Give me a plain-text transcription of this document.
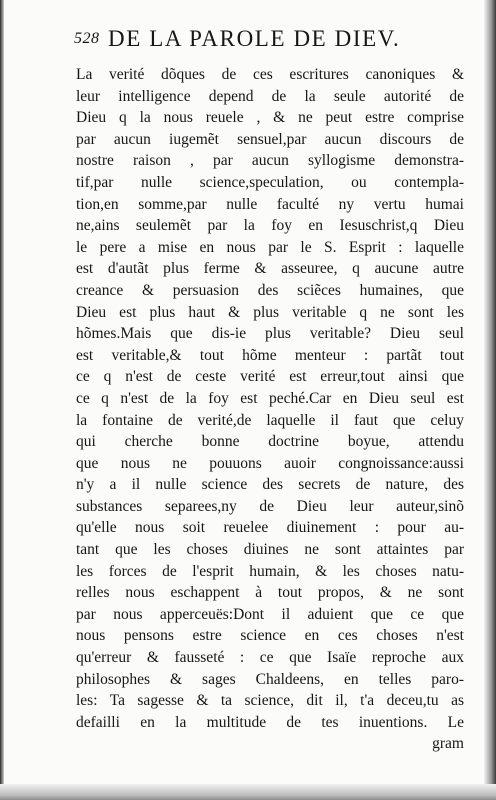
528 DE LA PAROLE DE DIEV.
La verité dõques de ces escritures canoniques &
leur intelligence depend de la seule autorité de
Dieu q la nous reuele , & ne peut estre comprise
par aucun iugemẽt sensuel,par aucun discours de
nostre raison , par aucun syllogisme demonstra-
tif,par nulle science,speculation, ou contempla-
tion,en somme,par nulle faculté ny vertu humai
ne,ains seulemẽt par la foy en Iesuschrist,q Dieu
le pere a mise en nous par le S. Esprit : laquelle
est d'autãt plus ferme & asseuree, q aucune autre
creance & persuasion des sciẽces humaines, que
Dieu est plus haut & plus veritable q ne sont les
hõmes.Mais que dis-ie plus veritable? Dieu seul
est veritable,& tout hõme menteur : partãt tout
ce q n'est de ceste verité est erreur,tout ainsi que
ce q n'est de la foy est peché.Car en Dieu seul est
la fontaine de verité,de laquelle il faut que celuy
qui cherche bonne doctrine boyue, attendu
que nous ne pouuons auoir congnoissance:aussi
n'y a il nulle science des secrets de nature, des
substances separees,ny de Dieu leur auteur,sinõ
qu'elle nous soit reuelee diuinement : pour au-
tant que les choses diuines ne sont attaintes par
les forces de l'esprit humain, & les choses natu-
relles nous eschappent à tout propos, & ne sont
par nous apperceuës:Dont il aduient que ce que
nous pensons estre science en ces choses n'est
qu'erreur & fausseté : ce que Isaïe reproche aux
philosophes & sages Chaldeens, en telles paro-
les: Ta sagesse & ta science, dit il, t'a deceu,tu as
defailli en la multitude de tes inuentions. Le
gram
